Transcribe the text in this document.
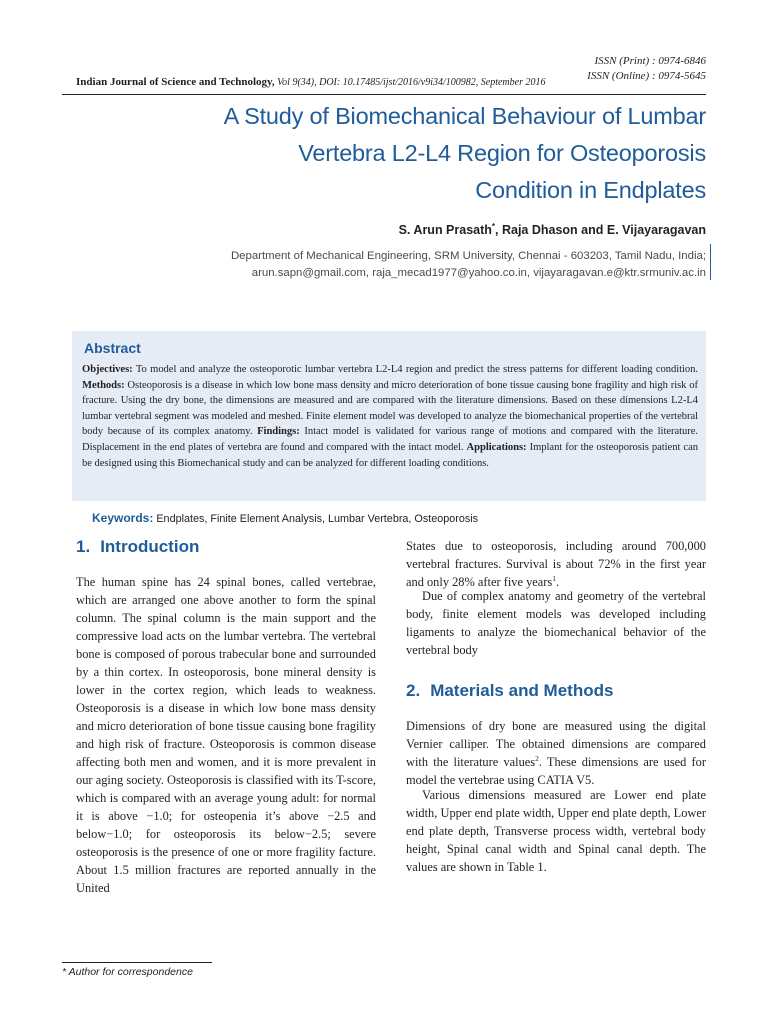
Indian Journal of Science and Technology, Vol 9(34), DOI: 10.17485/ijst/2016/v9i34/100982, September 2016
ISSN (Print) : 0974-6846
ISSN (Online) : 0974-5645
A Study of Biomechanical Behaviour of Lumbar
Vertebra L2-L4 Region for Osteoporosis
Condition in Endplates
S. Arun Prasath*, Raja Dhason and E. Vijayaragavan
Department of Mechanical Engineering, SRM University, Chennai - 603203, Tamil Nadu, India;
arun.sapn@gmail.com, raja_mecad1977@yahoo.co.in, vijayaragavan.e@ktr.srmuniv.ac.in
Abstract
Objectives: To model and analyze the osteoporotic lumbar vertebra L2-L4 region and predict the stress patterns for different loading condition. Methods: Osteoporosis is a disease in which low bone mass density and micro deterioration of bone tissue causing bone fragility and high risk of fracture. Using the dry bone, the dimensions are measured and are compared with the literature dimensions. Based on these dimensions L2-L4 lumbar vertebral segment was modeled and meshed. Finite element model was developed to analyze the biomechanical properties of the vertebral body because of its complex anatomy. Findings: Intact model is validated for various range of motions and compared with the literature. Displacement in the end plates of vertebra are found and compared with the intact model. Applications: Implant for the osteoporosis patient can be designed using this Biomechanical study and can be analyzed for different loading conditions.
Keywords: Endplates, Finite Element Analysis, Lumbar Vertebra, Osteoporosis
1. Introduction
The human spine has 24 spinal bones, called vertebrae, which are arranged one above another to form the spinal column. The spinal column is the main support and the compressive load acts on the lumbar vertebra. The vertebral bone is composed of porous trabecular bone and surrounded by a thin cortex. In osteoporosis, bone mineral density is lower in the cortex region, which leads to weakness. Osteoporosis is a disease in which low bone mass density and micro deterioration of bone tissue causing bone fragility and high risk of fracture. Osteoporosis is common disease affecting both men and women, and it is more prevalent in our aging society. Osteoporosis is classified with its T-score, which is compared with an average young adult: for normal it is above −1.0; for osteopenia it’s above −2.5 and below−1.0; for osteoporosis its below−2.5; severe osteoporosis is the presence of one or more fragility facture. About 1.5 million fractures are reported annually in the United
States due to osteoporosis, including around 700,000 vertebral fractures. Survival is about 72% in the first year and only 28% after five years$^1$.
Due of complex anatomy and geometry of the vertebral body, finite element models was developed including ligaments to analyze the biomechanical behavior of the vertebral body
2. Materials and Methods
Dimensions of dry bone are measured using the digital Vernier calliper. The obtained dimensions are compared with the literature values$^2$. These dimensions are used for model the vertebrae using CATIA V5.
Various dimensions measured are Lower end plate width, Upper end plate width, Upper end plate depth, Lower end plate depth, Transverse process width, vertebral body height, Spinal canal width and Spinal canal depth. The values are shown in Table 1.
* Author for correspondence
